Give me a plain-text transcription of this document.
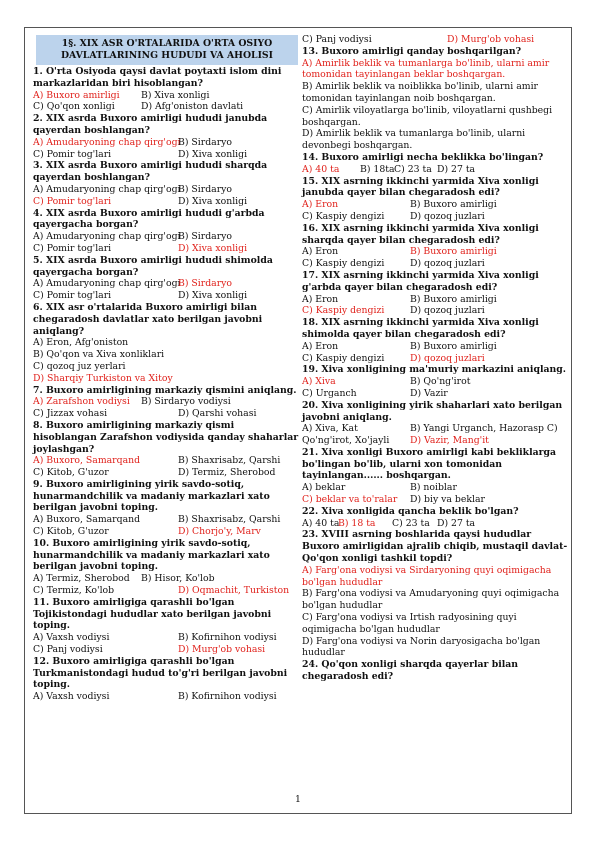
1§. XIX ASR O'RTALARIDA O'RTA OSIYO
DAVLATLARINING HUDUDI VA AHOLISI
1. O'rta Osiyoda qaysi davlat poytaxti islom dini markazlaridan biri hisoblangan?
A) Buxoro amirligi B) Xiva xonligi
C) Qo'qon xonligi	D) Afg'oniston davlati
2. XIX asrda Buxoro amirligi hududi janubda qayerdan boshlangan?
A) Amudaryoning chap qirg'ogi
B) Sirdaryo
C) Pomir tog'lari	D) Xiva xonligi
3. XIX asrda Buxoro amirligi hududi sharqda qayerdan boshlangan?
A) Amudaryoning chap qirg'ogi
B) Sirdaryo
C) Pomir tog'lari	D) Xiva xonligi
4. XIX asrda Buxoro amirligi hududi g'arbda qayergacha borgan?
A) Amudaryoning chap qirg'ogi
B) Sirdaryo
C) Pomir tog'lari	D) Xiva xonligi
5. XIX asrda Buxoro amirligi hududi shimolda qayergacha borgan?
A) Amudaryoning chap qirg'ogi
B) Sirdaryo
C) Pomir tog'lari	D) Xiva xonligi
6. XIX asr o'rtalarida Buxoro amirligi bilan chegaradosh davlatlar xato berilgan javobni aniqlang?
A) Eron, Afg'oniston
B) Qo'qon va Xiva xonliklari
C) qozoq juz yerlari
D) Sharqiy Turkiston va Xitoy
7. Buxoro amirligining markaziy qismini aniqlang.
A) Zarafshon vodiysi B) Sirdaryo vodiysi
C) Jizzax vohasi	D) Qarshi vohasi
8. Buxoro amirligining markaziy qismi hisoblangan Zarafshon vodiysida qanday shaharlar joylashgan?
A) Buxoro, Samarqand	B) Shaxrisabz, Qarshi
C) Kitob, G'uzor	D) Termiz, Sherobod
9. Buxoro amirligining yirik savdo-sotiq, hunarmandchilik va madaniy markazlari xato berilgan javobni toping.
A) Buxoro, Samarqand	B) Shaxrisabz, Qarshi
C) Kitob, G'uzor	D) Chorjo'y, Marv
10. Buxoro amirligining yirik savdo-sotiq, hunarmandchilik va madaniy markazlari xato berilgan javobni toping.
A) Termiz, Sherobod B) Hisor, Ko'lob
C) Termiz, Ko'lob	D) Oqmachit, Turkiston
11. Buxoro amirligiga qarashli bo'lgan Tojikistondagi hududlar xato berilgan javobni toping.
A) Vaxsh vodiysi	B) Kofirnihon vodiysi
C) Panj vodiysi	D) Murg'ob vohasi
12. Buxoro amirligiga qarashli bo'lgan Turkmanistondagi hudud to'g'ri berilgan javobni toping.
A) Vaxsh vodiysi	B) Kofirnihon vodiysi
C) Panj vodiysi	D) Murg'ob vohasi
13. Buxoro amirligi qanday boshqarilgan?
A) Amirlik beklik va tumanlarga bo'linib, ularni amir tomonidan tayinlangan beklar boshqargan.
B) Amirlik beklik va noiblikka bo'linib, ularni amir tomonidan tayinlangan noib boshqargan.
C) Amirlik viloyatlarga bo'linib, viloyatlarni qushbegi boshqargan.
D) Amirlik beklik va tumanlarga bo'linib, ularni devonbegi boshqargan.
14. Buxoro amirligi necha beklikka bo'lingan?
A) 40 ta B) 18ta C) 23 ta D) 27 ta
15. XIX asrning ikkinchi yarmida Xiva xonligi janubda qayer bilan chegaradosh edi?
A) Eron	B) Buxoro amirligi
C) Kaspiy dengizi	D) qozoq juzlari
16. XIX asrning ikkinchi yarmida Xiva xonligi sharqda qayer bilan chegaradosh edi?
A) Eron	B) Buxoro amirligi
C) Kaspiy dengizi	D) qozoq juzlari
17. XIX asrning ikkinchi yarmida Xiva xonligi g'arbda qayer bilan chegaradosh edi?
A) Eron	B) Buxoro amirligi
C) Kaspiy dengizi	D) qozoq juzlari
18. XIX asrning ikkinchi yarmida Xiva xonligi shimolda qayer bilan chegaradosh edi?
A) Eron	B) Buxoro amirligi
C) Kaspiy dengizi	D) qozoq juzlari
19. Xiva xonligining ma'muriy markazini aniqlang.
A) Xiva	B) Qo'ng'irot
C) Urganch	D) Vazir
20. Xiva xonligining yirik shaharlari xato berilgan javobni aniqlang.
A) Xiva, Kat	B) Yangi Urganch, Hazorasp C)
Qo'ng'irot, Xo'jayli D) Vazir, Mang'it
21. Xiva xonligi Buxoro amirligi kabi bekliklarga bo'lingan bo'lib, ularni xon tomonidan tayinlangan...... boshqargan.
A) beklar	B) noiblar
C) beklar va to'ralar D) biy va beklar
22. Xiva xonligida qancha beklik bo'lgan?
A) 40 ta
B) 18 ta C) 23 ta D) 27 ta
23. XVIII asrning boshlarida qaysi hududlar Buxoro amirligidan ajralib chiqib, mustaqil davlat-Qo'qon xonligi tashkil topdi?
A) Farg'ona vodiysi va Sirdaryoning quyi oqimigacha bo'lgan hududlar
B) Farg'ona vodiysi va Amudaryoning quyi oqimigacha bo'lgan hududlar
C) Farg'ona vodiysi va Irtish radyosining quyi oqimigacha bo'lgan hududlar
D) Farg'ona vodiysi va Norin daryosigacha bo'lgan hududlar
24. Qo'qon xonligi sharqda qayerlar bilan chegaradosh edi?
1
